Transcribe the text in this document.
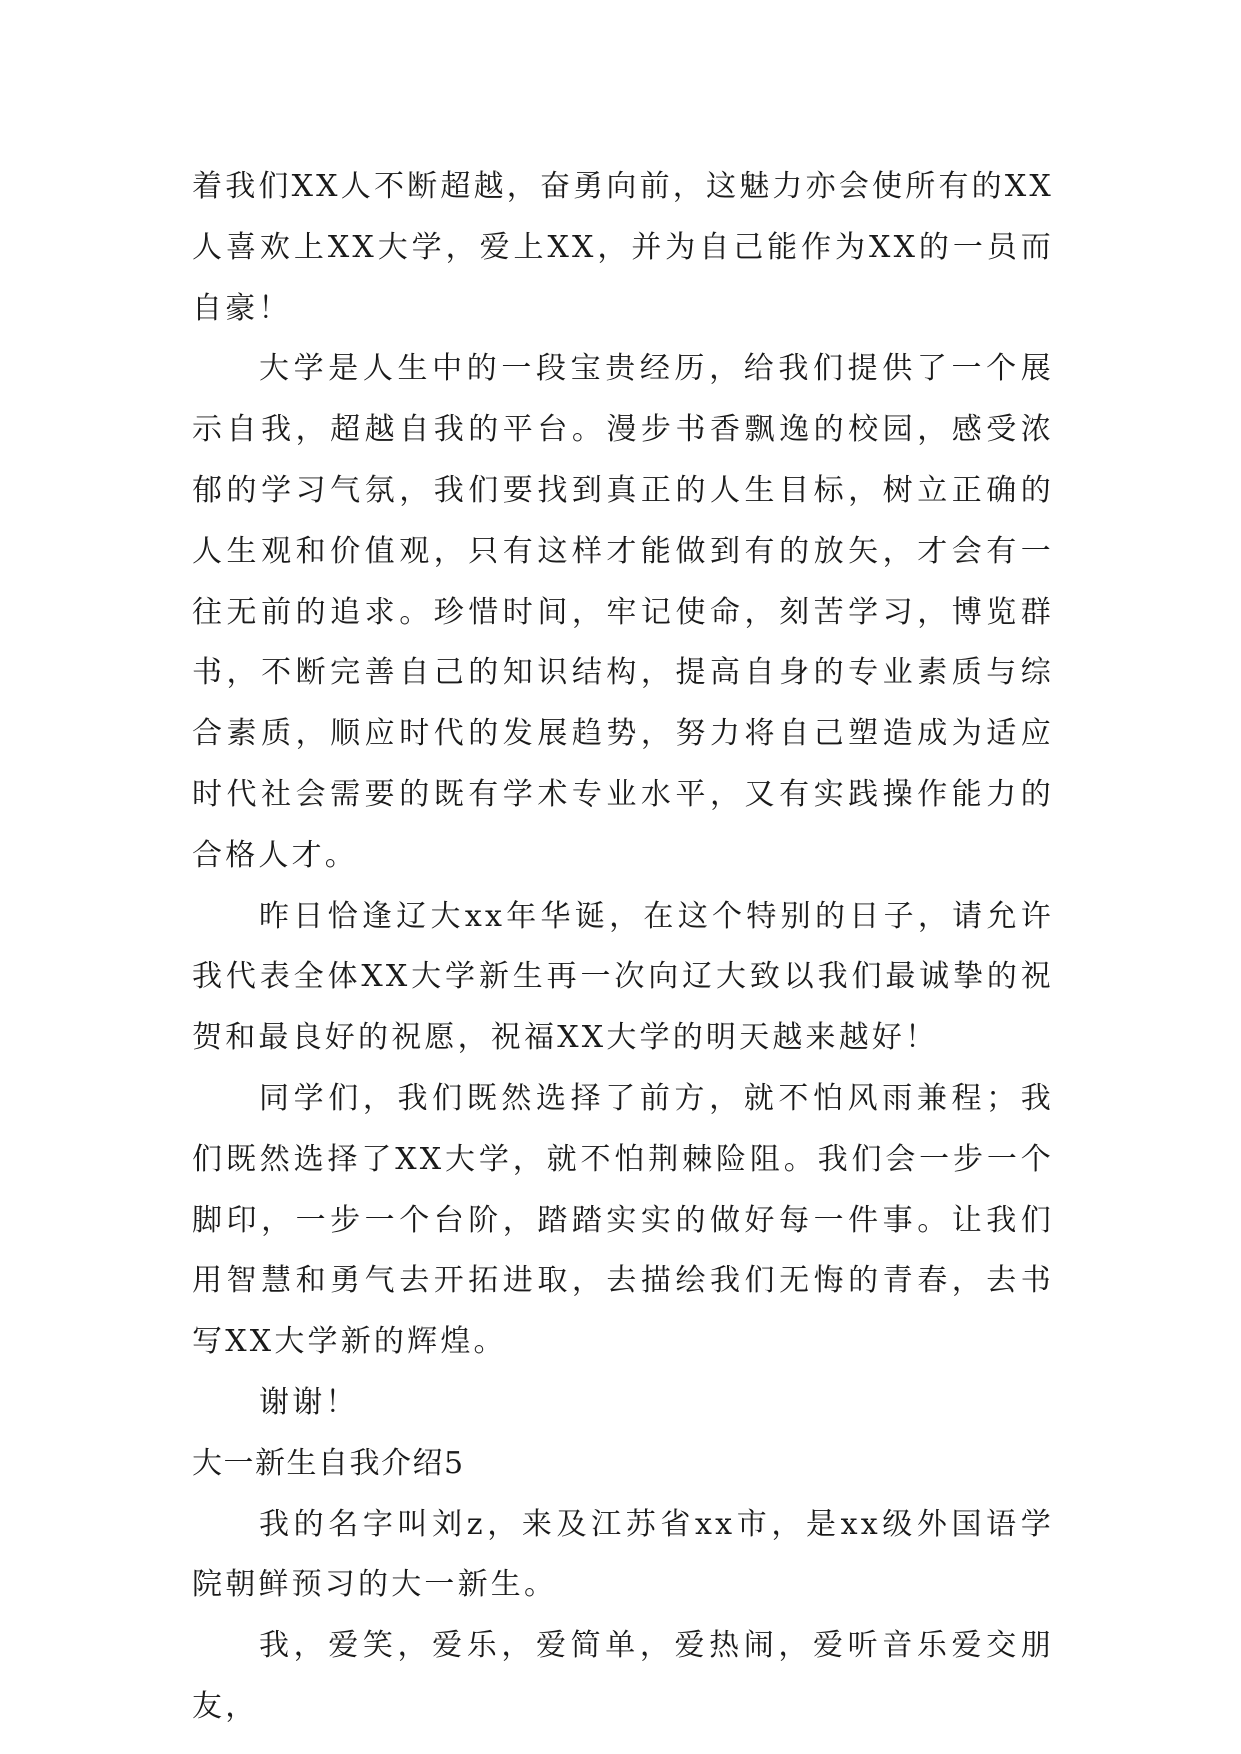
着我们XX人不断超越，奋勇向前，这魅力亦会使所有的XX人喜欢上XX大学，爱上XX，并为自己能作为XX的一员而自豪！

大学是人生中的一段宝贵经历，给我们提供了一个展示自我，超越自我的平台。漫步书香飘逸的校园，感受浓郁的学习气氛，我们要找到真正的人生目标，树立正确的人生观和价值观，只有这样才能做到有的放矢，才会有一往无前的追求。珍惜时间，牢记使命，刻苦学习，博览群书，不断完善自己的知识结构，提高自身的专业素质与综合素质，顺应时代的发展趋势，努力将自己塑造成为适应时代社会需要的既有学术专业水平，又有实践操作能力的合格人才。

昨日恰逢辽大xx年华诞，在这个特别的日子，请允许我代表全体XX大学新生再一次向辽大致以我们最诚挚的祝贺和最良好的祝愿，祝福XX大学的明天越来越好！

同学们，我们既然选择了前方，就不怕风雨兼程；我们既然选择了XX大学，就不怕荆棘险阻。我们会一步一个脚印，一步一个台阶，踏踏实实的做好每一件事。让我们用智慧和勇气去开拓进取，去描绘我们无悔的青春，去书写XX大学新的辉煌。

谢谢！

大一新生自我介绍5

我的名字叫刘z，来及江苏省xx市，是xx级外国语学院朝鲜预习的大一新生。

我，爱笑，爱乐，爱简单，爱热闹，爱听音乐爱交朋友，
